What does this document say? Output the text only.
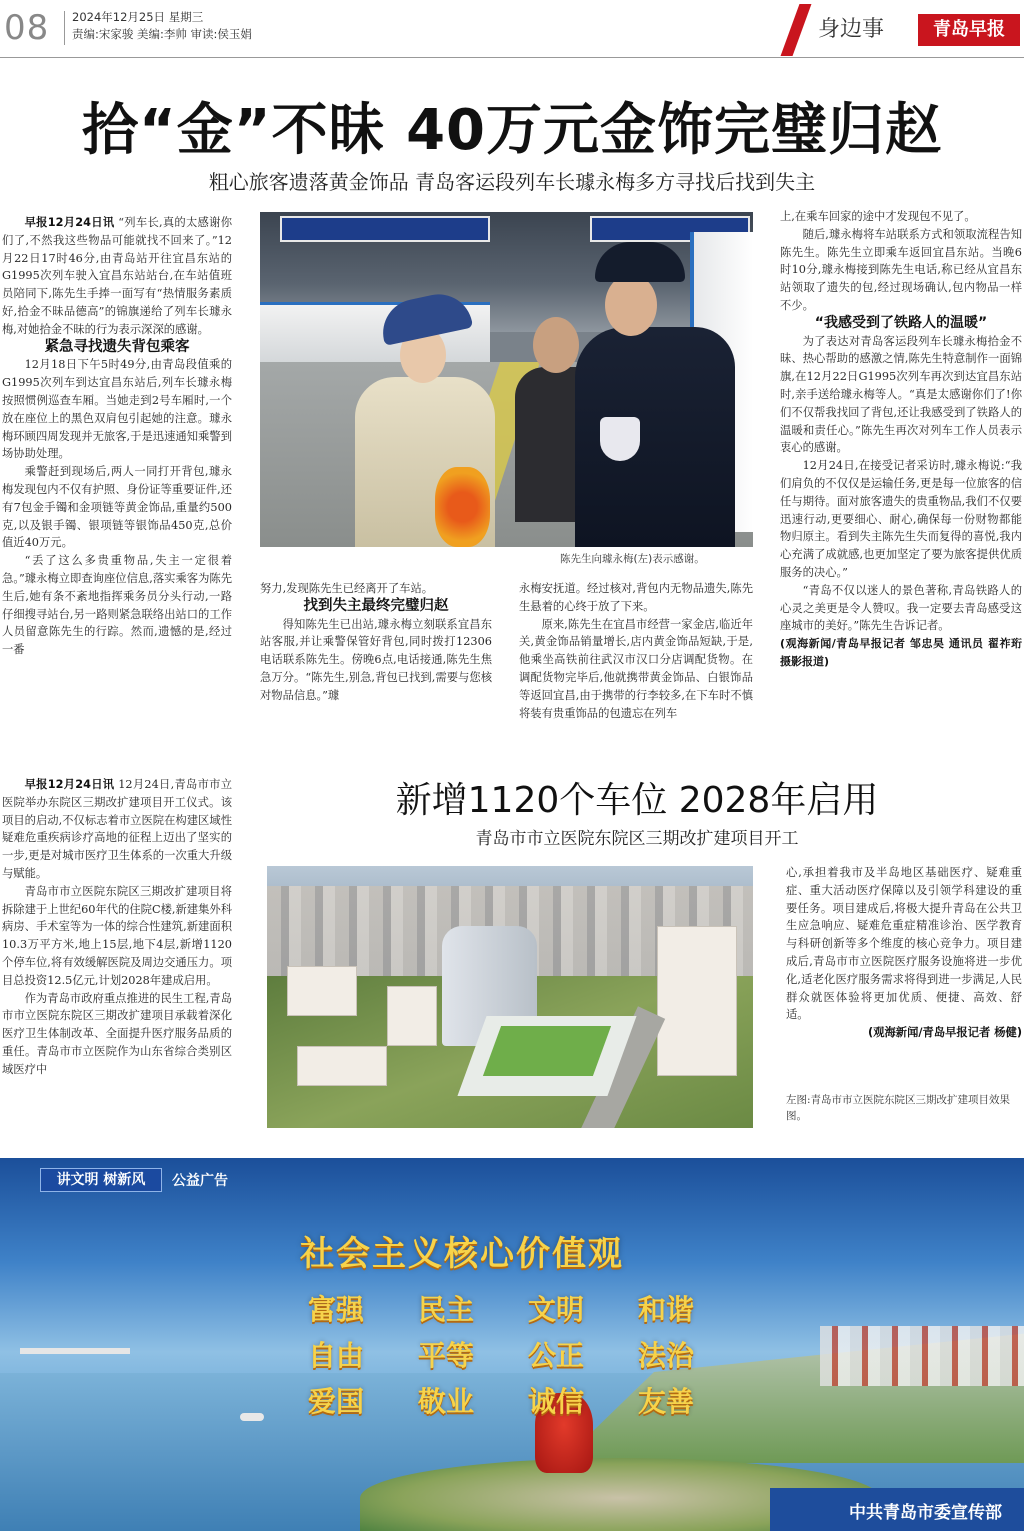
08 2024年12月25日 星期三
责编:宋家骏 美编:李帅 审读:侯玉娟	身边事	青岛早报
拾“金”不昧 40万元金饰完璧归赵
粗心旅客遗落黄金饰品 青岛客运段列车长璩永梅多方寻找后找到失主

早报12月24日讯 “列车长,真的太感谢你们了,不然我这些物品可能就找不回来了。”12月22日17时46分,由青岛站开往宜昌东站的G1995次列车驶入宜昌东站站台,在车站值班员陪同下,陈先生手捧一面写有“热情服务素质好,拾金不昧品德高”的锦旗递给了列车长璩永梅,对她拾金不昧的行为表示深深的感谢。

紧急寻找遗失背包乘客

12月18日下午5时49分,由青岛段值乘的G1995次列车到达宜昌东站后,列车长璩永梅按照惯例巡查车厢。当她走到2号车厢时,一个放在座位上的黑色双肩包引起她的注意。璩永梅环顾四周发现并无旅客,于是迅速通知乘警到场协助处理。

乘警赶到现场后,两人一同打开背包,璩永梅发现包内不仅有护照、身份证等重要证件,还有7包金手镯和金项链等黄金饰品,重量约500克,以及银手镯、银项链等银饰品450克,总价值近40万元。

“丢了这么多贵重物品,失主一定很着急。”璩永梅立即查询座位信息,落实乘客为陈先生后,她有条不紊地指挥乘务员分头行动,一路仔细搜寻站台,另一路则紧急联络出站口的工作人员留意陈先生的行踪。然而,遗憾的是,经过一番

陈先生向璩永梅(左)表示感谢。

努力,发现陈先生已经离开了车站。

找到失主最终完璧归赵

得知陈先生已出站,璩永梅立刻联系宜昌东站客服,并让乘警保管好背包,同时拨打12306电话联系陈先生。傍晚6点,电话接通,陈先生焦急万分。“陈先生,别急,背包已找到,需要与您核对物品信息。”璩

永梅安抚道。经过核对,背包内无物品遗失,陈先生悬着的心终于放了下来。

原来,陈先生在宜昌市经营一家金店,临近年关,黄金饰品销量增长,店内黄金饰品短缺,于是,他乘坐高铁前往武汉市汉口分店调配货物。在调配货物完毕后,他就携带黄金饰品、白银饰品等返回宜昌,由于携带的行李较多,在下车时不慎将装有贵重饰品的包遗忘在列车

上,在乘车回家的途中才发现包不见了。

随后,璩永梅将车站联系方式和领取流程告知陈先生。陈先生立即乘车返回宜昌东站。当晚6时10分,璩永梅接到陈先生电话,称已经从宜昌东站领取了遗失的包,经过现场确认,包内物品一样不少。

“我感受到了铁路人的温暖”

为了表达对青岛客运段列车长璩永梅拾金不昧、热心帮助的感激之情,陈先生特意制作一面锦旗,在12月22日G1995次列车再次到达宜昌东站时,亲手送给璩永梅等人。“真是太感谢你们了!你们不仅帮我找回了背包,还让我感受到了铁路人的温暖和责任心。”陈先生再次对列车工作人员表示衷心的感谢。

12月24日,在接受记者采访时,璩永梅说:“我们肩负的不仅仅是运输任务,更是每一位旅客的信任与期待。面对旅客遗失的贵重物品,我们不仅要迅速行动,更要细心、耐心,确保每一份财物都能物归原主。看到失主陈先生失而复得的喜悦,我内心充满了成就感,也更加坚定了要为旅客提供优质服务的决心。”

“青岛不仅以迷人的景色著称,青岛铁路人的心灵之美更是令人赞叹。我一定要去青岛感受这座城市的美好。”陈先生告诉记者。

(观海新闻/青岛早报记者 邹忠昊 通讯员 翟祚珩 摄影报道)

新增1120个车位 2028年启用
青岛市市立医院东院区三期改扩建项目开工

早报12月24日讯 12月24日,青岛市市立医院举办东院区三期改扩建项目开工仪式。该项目的启动,不仅标志着市立医院在构建区域性疑难危重疾病诊疗高地的征程上迈出了坚实的一步,更是对城市医疗卫生体系的一次重大升级与赋能。

青岛市市立医院东院区三期改扩建项目将拆除建于上世纪60年代的住院C楼,新建集外科病房、手术室等为一体的综合性建筑,新建面积10.3万平方米,地上15层,地下4层,新增1120个停车位,将有效缓解医院及周边交通压力。项目总投资12.5亿元,计划2028年建成启用。

作为青岛市政府重点推进的民生工程,青岛市市立医院东院区三期改扩建项目承载着深化医疗卫生体制改革、全面提升医疗服务品质的重任。青岛市市立医院作为山东省综合类别区域医疗中

心,承担着我市及半岛地区基础医疗、疑难重症、重大活动医疗保障以及引领学科建设的重要任务。项目建成后,将极大提升青岛在公共卫生应急响应、疑难危重症精准诊治、医学教育与科研创新等多个维度的核心竞争力。项目建成后,青岛市市立医院医疗服务设施将进一步优化,适老化医疗服务需求将得到进一步满足,人民群众就医体验将更加优质、便捷、高效、舒适。

(观海新闻/青岛早报记者 杨健)

左图:青岛市市立医院东院区三期改扩建项目效果图。
讲文明 树新风	公益广告
社会主义核心价值观
富强	民主	文明	和谐
自由	平等	公正	法治
爱国	敬业	诚信	友善
中共青岛市委宣传部
